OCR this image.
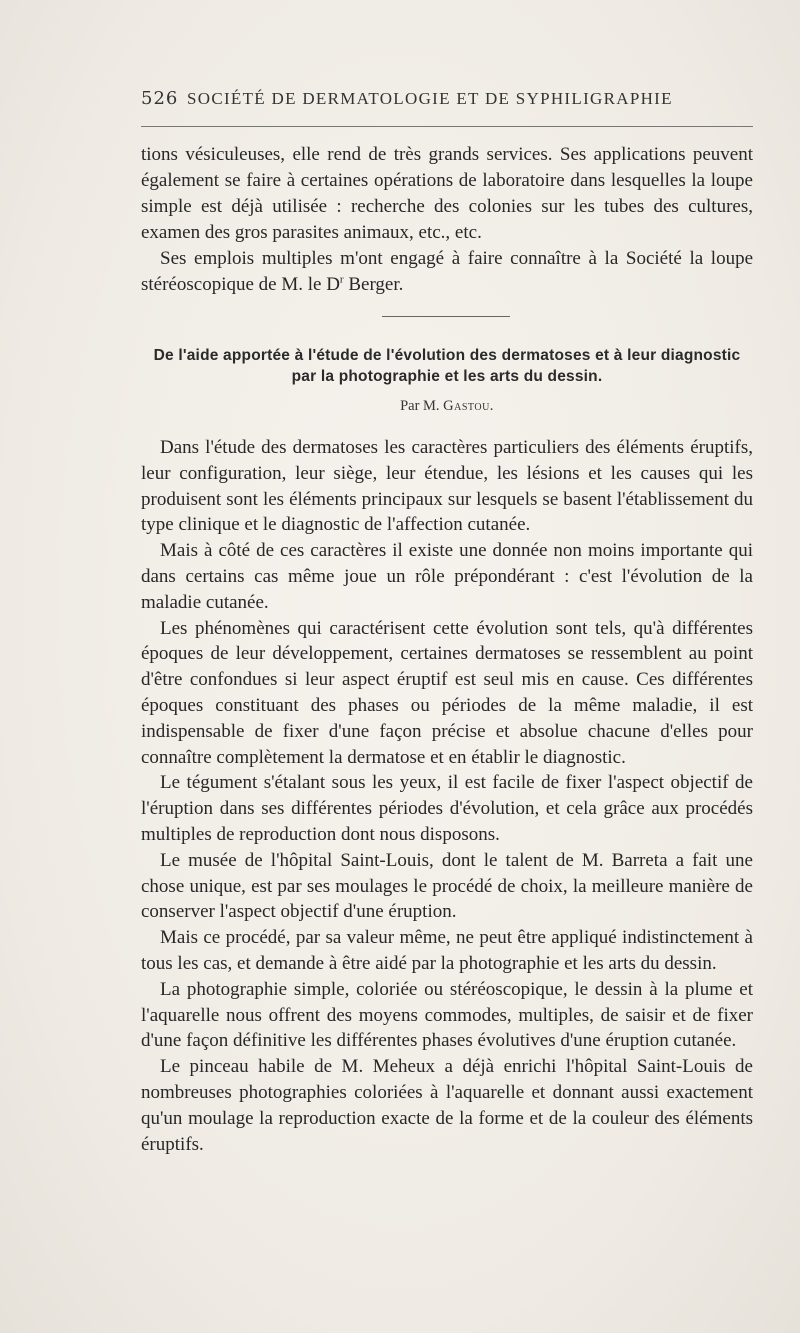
526 SOCIÉTÉ DE DERMATOLOGIE ET DE SYPHILIGRAPHIE

tions vésiculeuses, elle rend de très grands services. Ses applications peuvent également se faire à certaines opérations de laboratoire dans lesquelles la loupe simple est déjà utilisée : recherche des colonies sur les tubes des cultures, examen des gros parasites animaux, etc., etc.

Ses emplois multiples m'ont engagé à faire connaître à la Société la loupe stéréoscopique de M. le $D^r$ Berger.

De l'aide apportée à l'étude de l'évolution des dermatoses et à leur diagnostic par la photographie et les arts du dessin.
Par M. Gastou.

Dans l'étude des dermatoses les caractères particuliers des éléments éruptifs, leur configuration, leur siège, leur étendue, les lésions et les causes qui les produisent sont les éléments principaux sur lesquels se basent l'établissement du type clinique et le diagnostic de l'affection cutanée.

Mais à côté de ces caractères il existe une donnée non moins importante qui dans certains cas même joue un rôle prépondérant : c'est l'évolution de la maladie cutanée.

Les phénomènes qui caractérisent cette évolution sont tels, qu'à différentes époques de leur développement, certaines dermatoses se ressemblent au point d'être confondues si leur aspect éruptif est seul mis en cause. Ces différentes époques constituant des phases ou périodes de la même maladie, il est indispensable de fixer d'une façon précise et absolue chacune d'elles pour connaître complètement la dermatose et en établir le diagnostic.

Le tégument s'étalant sous les yeux, il est facile de fixer l'aspect objectif de l'éruption dans ses différentes périodes d'évolution, et cela grâce aux procédés multiples de reproduction dont nous disposons.

Le musée de l'hôpital Saint-Louis, dont le talent de M. Barreta a fait une chose unique, est par ses moulages le procédé de choix, la meilleure manière de conserver l'aspect objectif d'une éruption.

Mais ce procédé, par sa valeur même, ne peut être appliqué indistinctement à tous les cas, et demande à être aidé par la photographie et les arts du dessin.

La photographie simple, coloriée ou stéréoscopique, le dessin à la plume et l'aquarelle nous offrent des moyens commodes, multiples, de saisir et de fixer d'une façon définitive les différentes phases évolutives d'une éruption cutanée.

Le pinceau habile de M. Meheux a déjà enrichi l'hôpital Saint-Louis de nombreuses photographies coloriées à l'aquarelle et donnant aussi exactement qu'un moulage la reproduction exacte de la forme et de la couleur des éléments éruptifs.
